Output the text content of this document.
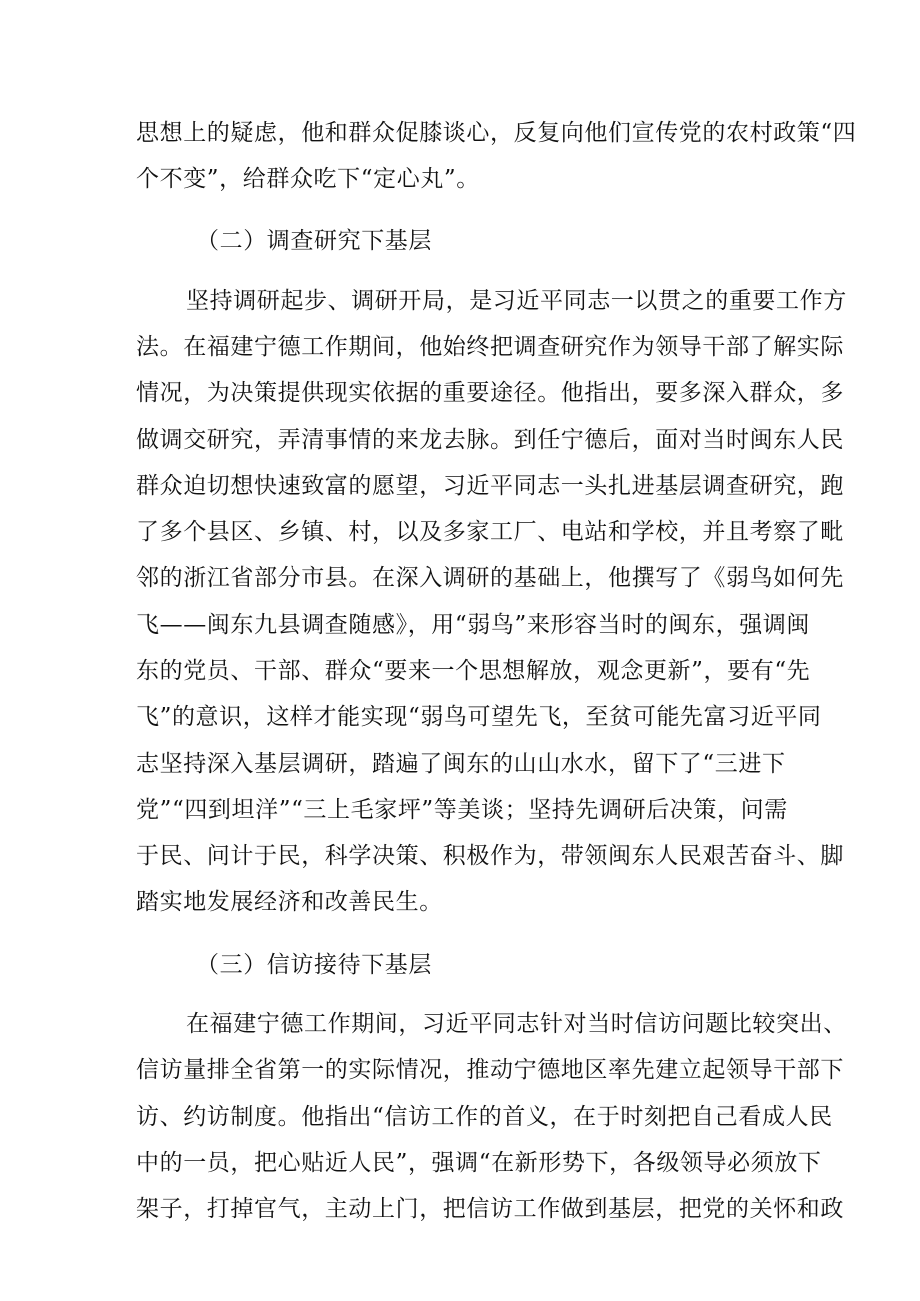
思想上的疑虑，他和群众促膝谈心，反复向他们宣传党的农村政策“四
个不变”，给群众吃下“定心丸”。
（二）调查研究下基层
坚持调研起步、调研开局，是习近平同志一以贯之的重要工作方
法。在福建宁德工作期间，他始终把调查研究作为领导干部了解实际
情况，为决策提供现实依据的重要途径。他指出，要多深入群众，多
做调交研究，弄清事情的来龙去脉。到任宁德后，面对当时闽东人民
群众迫切想快速致富的愿望，习近平同志一头扎进基层调查研究，跑
了多个县区、乡镇、村，以及多家工厂、电站和学校，并且考察了毗
邻的浙江省部分市县。在深入调研的基础上，他撰写了《弱鸟如何先
飞——闽东九县调查随感》，用“弱鸟”来形容当时的闽东，强调闽
东的党员、干部、群众“要来一个思想解放，观念更新”，要有“先
飞”的意识，这样才能实现“弱鸟可望先飞，至贫可能先富习近平同
志坚持深入基层调研，踏遍了闽东的山山水水，留下了“三进下
党”“四到坦洋”“三上毛家坪”等美谈；坚持先调研后决策，问需
于民、问计于民，科学决策、积极作为，带领闽东人民艰苦奋斗、脚
踏实地发展经济和改善民生。
（三）信访接待下基层
在福建宁德工作期间，习近平同志针对当时信访问题比较突出、
信访量排全省第一的实际情况，推动宁德地区率先建立起领导干部下
访、约访制度。他指出“信访工作的首义，在于时刻把自己看成人民
中的一员，把心贴近人民”，强调“在新形势下，各级领导必须放下
架子，打掉官气，主动上门，把信访工作做到基层，把党的关怀和政
